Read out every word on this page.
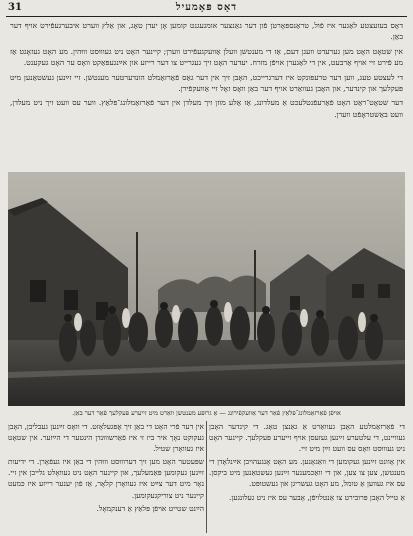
31	דאָס פּאָמעיל

דאָס בעזעצטע לאַגער איז פֿול, טראַנספּאָרטן פֿון דער גאַנצער אומגעגנט קומען אָן יעדן טאָג, און אַלץ ווערט איבערגעפֿירט אויף דער באַן.

אין שטאָט האָט מען גערעדט וועגן דעם, אַז די מענטשן וועלן אַוועקגעפֿירט ווערן; קיינער האָט ניט געוווּסט וווּהין. מע האָט געזאָגט אַז מע פֿירט זיי אויף אַרבעט, אין די לאַגערן אויפֿן מזרח. יעדער האָט זיך געגרייט צו דער רייזע און אײַנגעפּאַקט וואָס ער האָט געקענט.

די לעצטע טעג, ווען דער טרעפּונקט איז דערגרייכט, האָבן זיך אין דער גאַס פֿאַרזאַמלט הונדערטער מענטשן. זיי זײַנען געשטאַנען מיט פּעקלעך און קינדער, און האָבן געוואַרט אויף דער באַן וואָס זאָל זיי אַוועקפֿירן.

דער שטאָט־ראַט האָט פֿאַרעפֿנטלעכט אַ מעלדונג, אַז אַלע מוזן זיך מעלדן אין דער פֿאַרזאַמלונג־פּלאַץ. ווער עס וועט זיך ניט מעלדן, וועט באַשטראָפֿט ווערן.

אויפֿן פֿאַרזאַמלונג־פּלאַץ פֿאַר דער אַוועקפֿירונג — אַ גרופּע מענטשן וואַרט מיט זייערע פּעקלעך פֿאַר דער באַן.

די פֿאַרזאַמלטע האָבן געוואַרט אַ גאַנצן טאָג. די קינדער האָבן געוויינט, די עלטערע זײַנען געזעסן אויף זייערע פּעקלעך. קיינער האָט ניט געוווּסט וואָס עס וועט זײַן מיט זיי.

אין אָוונט זײַנען געקומען די וואַגאָנען. מע האָט אָנגעהויבן אײַנלאָדן די מענטשן, צען צו צען, און די וואַכמענער זײַנען געשטאַנען מיט ביקסן. עס איז געווען אַ טומל, מע האָט געשריגן און געשטופּט.

אַ טייל האָבן פּרובירט צו אַנטלויפֿן, אָבער עס איז ניט געלונגען.

אין דער פֿרי האָט די באַן זיך אָפּגעלאָזט. די וואָס זײַנען געבליבן, האָבן געקוקט נאָך איר ביז זי איז פֿאַרשוווּנדן הינטער די הײַזער. אין שטאָט איז געוואָרן שטיל.

שפּעטער האָט מען זיך דערוווּסט וווּהין די באַן איז געפֿאָרן. די ידיעות זײַנען געקומען פּאַמעלעך, און קיינער האָט ניט געוואָלט גלייבן אין זיי. נאָר מיט דער צײַט איז געוואָרן קלאָר, אַז פֿון יענער רייזע איז כּמעט קיינער ניט צוריקגעקומען.

הײַנט שטייט אויפֿן פּלאַץ אַ דענקמאָל.
